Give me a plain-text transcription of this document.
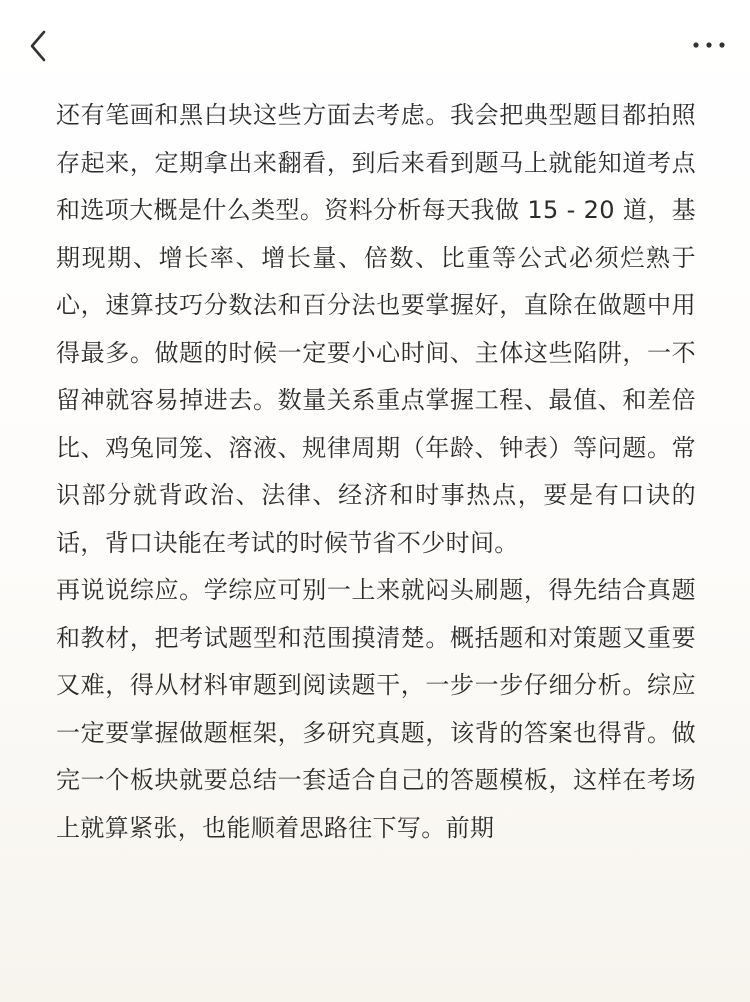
还有笔画和黑白块这些方面去考虑。我会把典型题目都拍照存起来，定期拿出来翻看，到后来看到题马上就能知道考点和选项大概是什么类型。资料分析每天我做 15 - 20 道，基期现期、增长率、增长量、倍数、比重等公式必须烂熟于心，速算技巧分数法和百分法也要掌握好，直除在做题中用得最多。做题的时候一定要小心时间、主体这些陷阱，一不留神就容易掉进去。数量关系重点掌握工程、最值、和差倍比、鸡兔同笼、溶液、规律周期（年龄、钟表）等问题。常识部分就背政治、法律、经济和时事热点，要是有口诀的话，背口诀能在考试的时候节省不少时间。

再说说综应。学综应可别一上来就闷头刷题，得先结合真题和教材，把考试题型和范围摸清楚。概括题和对策题又重要又难，得从材料审题到阅读题干，一步一步仔细分析。综应一定要掌握做题框架，多研究真题，该背的答案也得背。做完一个板块就要总结一套适合自己的答题模板，这样在考场上就算紧张，也能顺着思路往下写。前期
